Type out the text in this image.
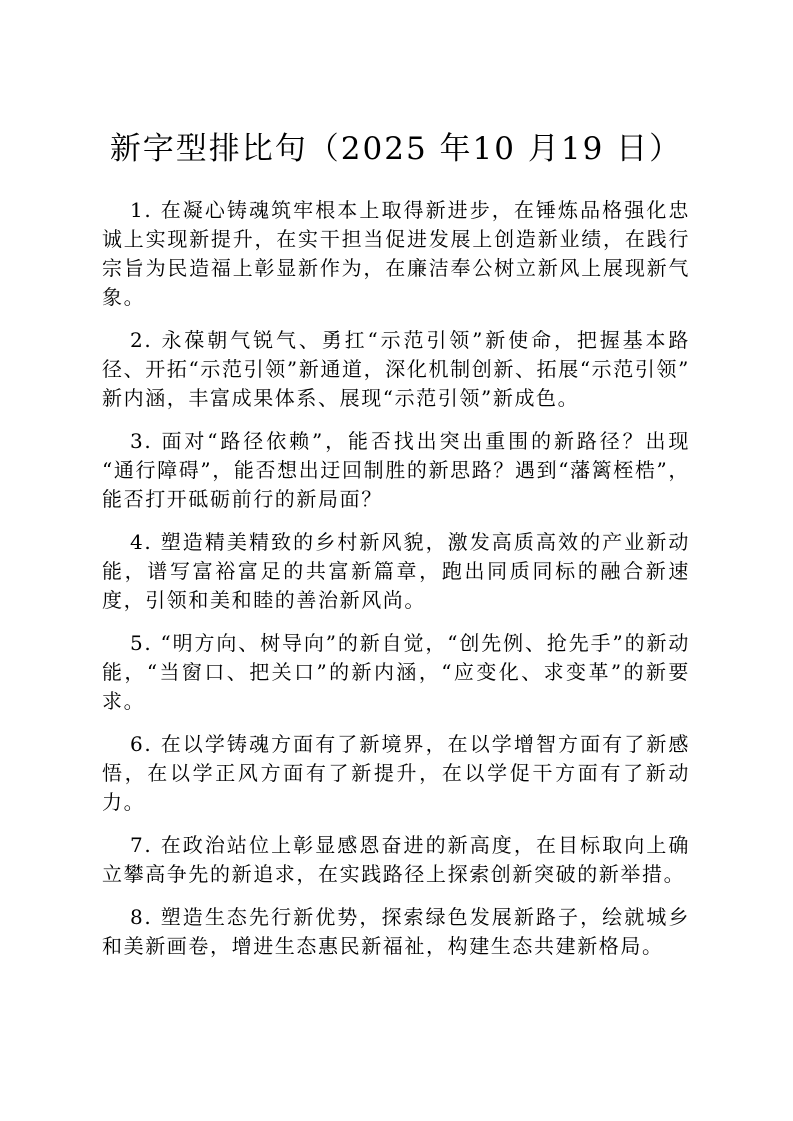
新字型排比句（2025 年10 月19 日）

1. 在凝心铸魂筑牢根本上取得新进步，在锤炼品格强化忠诚上实现新提升，在实干担当促进发展上创造新业绩，在践行宗旨为民造福上彰显新作为，在廉洁奉公树立新风上展现新气象。

2. 永葆朝气锐气、勇扛“示范引领”新使命，把握基本路径、开拓“示范引领”新通道，深化机制创新、拓展“示范引领”新内涵，丰富成果体系、展现“示范引领”新成色。

3. 面对“路径依赖”，能否找出突出重围的新路径？出现“通行障碍”，能否想出迂回制胜的新思路？遇到“藩篱桎梏”，能否打开砥砺前行的新局面？

4. 塑造精美精致的乡村新风貌，激发高质高效的产业新动能，谱写富裕富足的共富新篇章，跑出同质同标的融合新速度，引领和美和睦的善治新风尚。

5. “明方向、树导向”的新自觉，“创先例、抢先手”的新动能，“当窗口、把关口”的新内涵，“应变化、求变革”的新要求。

6. 在以学铸魂方面有了新境界，在以学增智方面有了新感悟，在以学正风方面有了新提升，在以学促干方面有了新动力。

7. 在政治站位上彰显感恩奋进的新高度，在目标取向上确立攀高争先的新追求，在实践路径上探索创新突破的新举措。

8. 塑造生态先行新优势，探索绿色发展新路子，绘就城乡和美新画卷，增进生态惠民新福祉，构建生态共建新格局。
